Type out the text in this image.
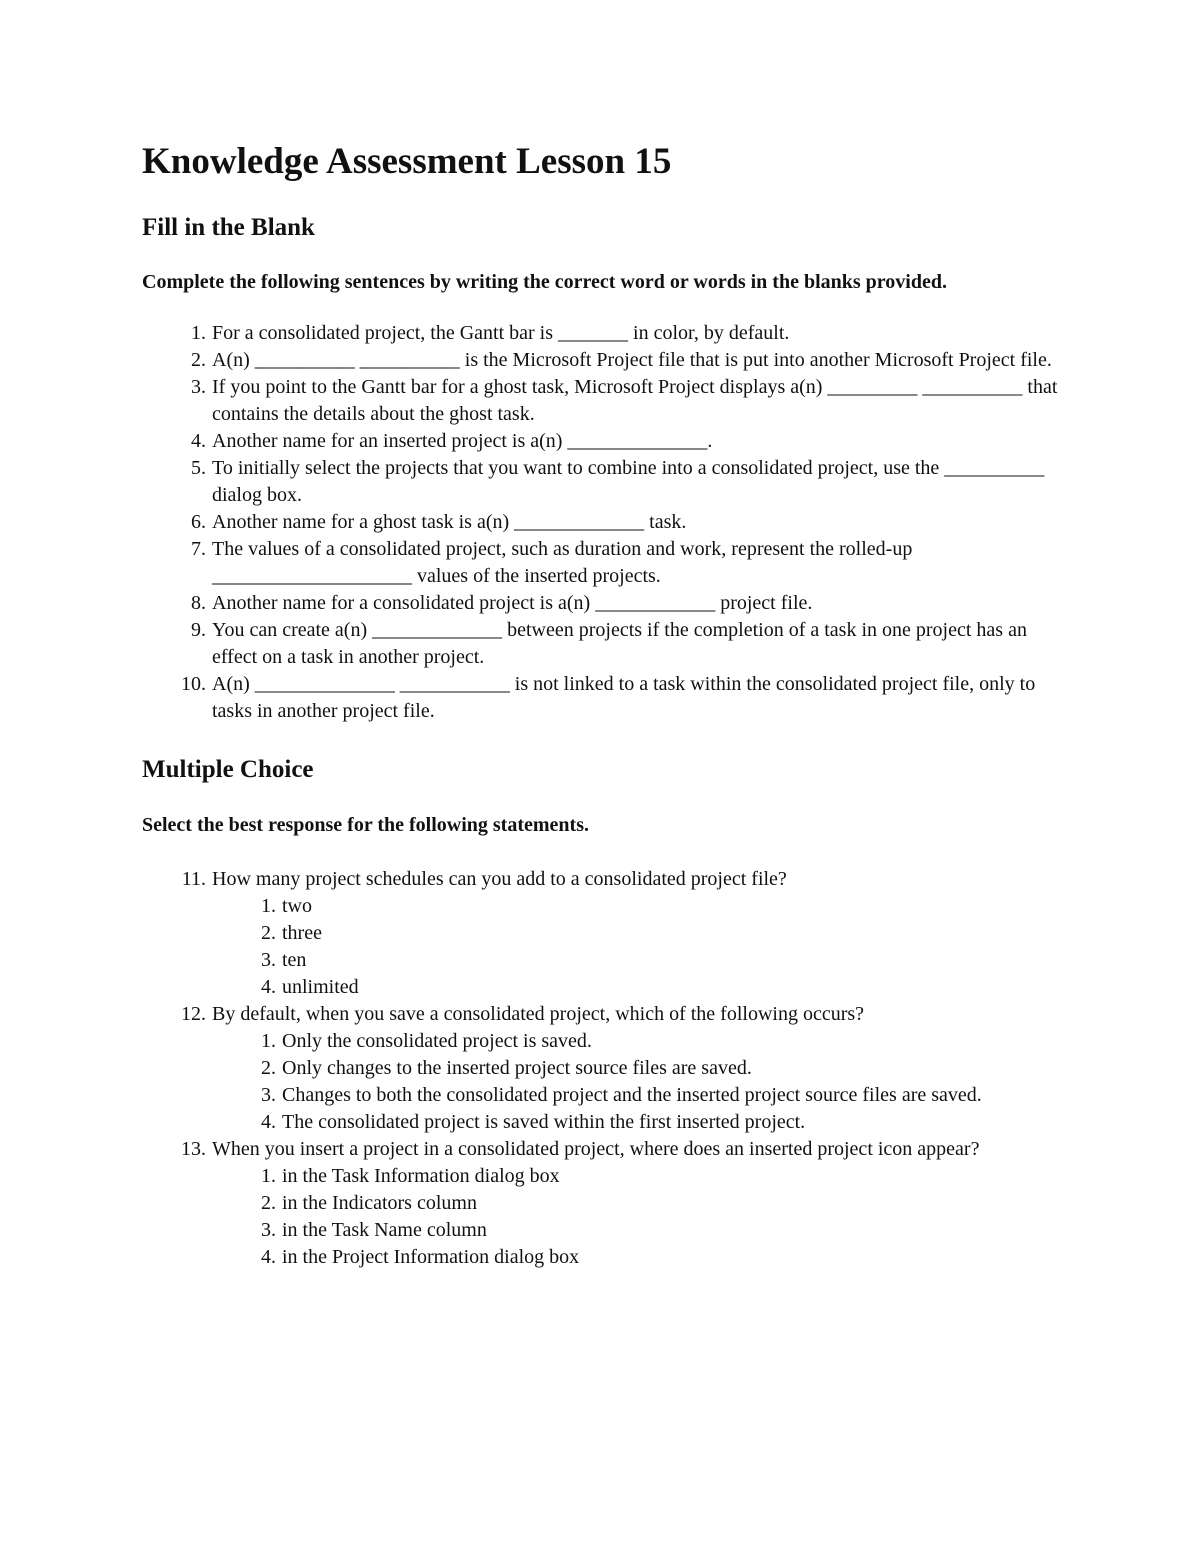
Knowledge Assessment Lesson 15
Fill in the Blank

Complete the following sentences by writing the correct word or words in the blanks provided.

1. For a consolidated project, the Gantt bar is _______ in color, by default.
2. A(n) __________ __________ is the Microsoft Project file that is put into another Microsoft Project file.
3. If you point to the Gantt bar for a ghost task, Microsoft Project displays a(n) _________ __________ that contains the details about the ghost task.
4. Another name for an inserted project is a(n) ______________.
5. To initially select the projects that you want to combine into a consolidated project, use the __________ dialog box.
6. Another name for a ghost task is a(n) _____________ task.
7. The values of a consolidated project, such as duration and work, represent the rolled-up ____________________ values of the inserted projects.
8. Another name for a consolidated project is a(n) ____________ project file.
9. You can create a(n) _____________ between projects if the completion of a task in one project has an effect on a task in another project.
10. A(n) ______________ ___________ is not linked to a task within the consolidated project file, only to tasks in another project file.
Multiple Choice

Select the best response for the following statements.

11. How many project schedules can you add to a consolidated project file?
1. two
2. three
3. ten
4. unlimited
12. By default, when you save a consolidated project, which of the following occurs?
1. Only the consolidated project is saved.
2. Only changes to the inserted project source files are saved.
3. Changes to both the consolidated project and the inserted project source files are saved.
4. The consolidated project is saved within the first inserted project.
13. When you insert a project in a consolidated project, where does an inserted project icon appear?
1. in the Task Information dialog box
2. in the Indicators column
3. in the Task Name column
4. in the Project Information dialog box
